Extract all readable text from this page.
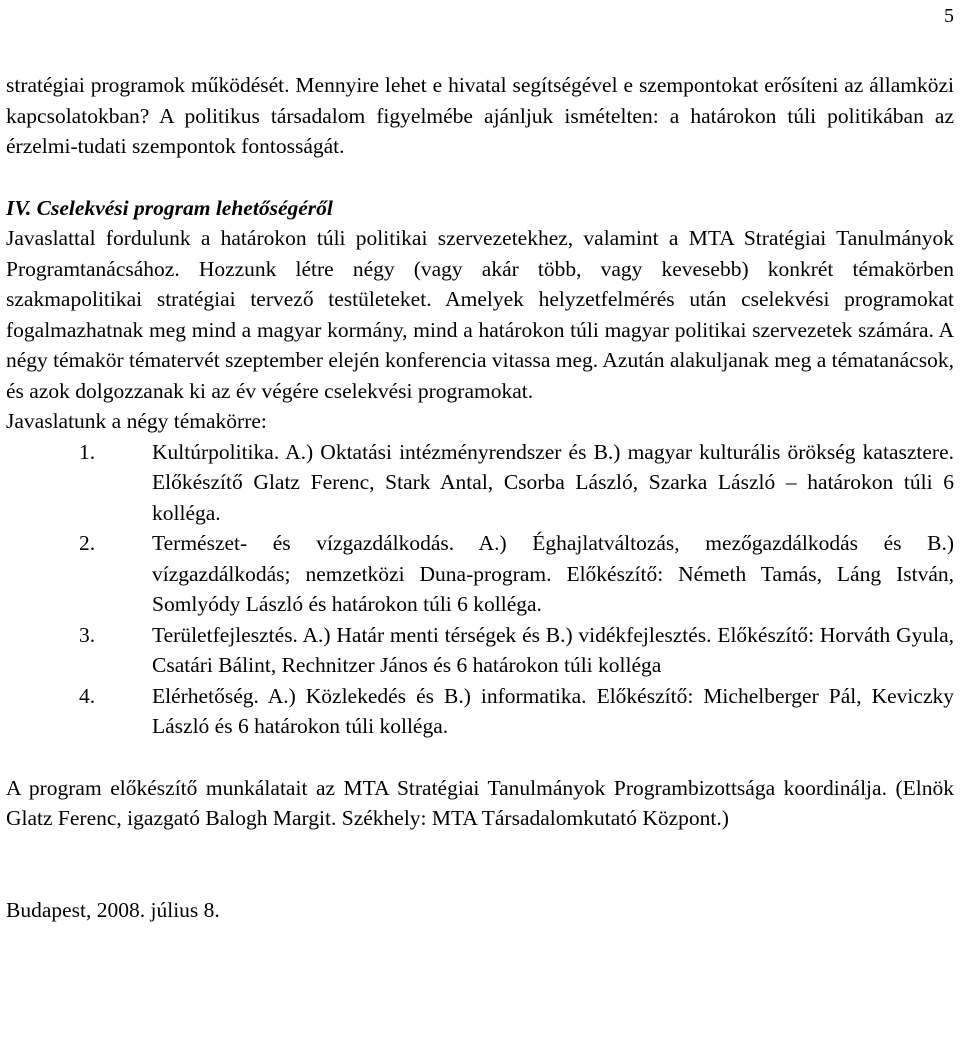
5

stratégiai programok működését. Mennyire lehet e hivatal segítségével e szempontokat erősíteni az államközi kapcsolatokban? A politikus társadalom figyelmébe ajánljuk ismételten: a határokon túli politikában az érzelmi-tudati szempontok fontosságát.

IV. Cselekvési program lehetőségéről

Javaslattal fordulunk a határokon túli politikai szervezetekhez, valamint a MTA Stratégiai Tanulmányok Programtanácsához. Hozzunk létre négy (vagy akár több, vagy kevesebb) konkrét témakörben szakmapolitikai stratégiai tervező testületeket. Amelyek helyzetfelmérés után cselekvési programokat fogalmazhatnak meg mind a magyar kormány, mind a határokon túli magyar politikai szervezetek számára. A négy témakör tématervét szeptember elején konferencia vitassa meg. Azután alakuljanak meg a tématanácsok, és azok dolgozzanak ki az év végére cselekvési programokat.

Javaslatunk a négy témakörre:

1.	Kultúrpolitika. A.) Oktatási intézményrendszer és B.) magyar kulturális örökség katasztere. Előkészítő Glatz Ferenc, Stark Antal, Csorba László, Szarka László – határokon túli 6 kolléga.
2.	Természet- és vízgazdálkodás. A.) Éghajlatváltozás, mezőgazdálkodás és B.) vízgazdálkodás; nemzetközi Duna-program. Előkészítő: Németh Tamás, Láng István, Somlyódy László és határokon túli 6 kolléga.
3.	Területfejlesztés. A.) Határ menti térségek és B.) vidékfejlesztés. Előkészítő: Horváth Gyula, Csatári Bálint, Rechnitzer János és 6 határokon túli kolléga
4.	Elérhetőség. A.) Közlekedés és B.) informatika. Előkészítő: Michelberger Pál, Keviczky László és 6 határokon túli kolléga.

A program előkészítő munkálatait az MTA Stratégiai Tanulmányok Programbizottsága koordinálja. (Elnök Glatz Ferenc, igazgató Balogh Margit. Székhely: MTA Társadalomkutató Központ.)

Budapest, 2008. július 8.
